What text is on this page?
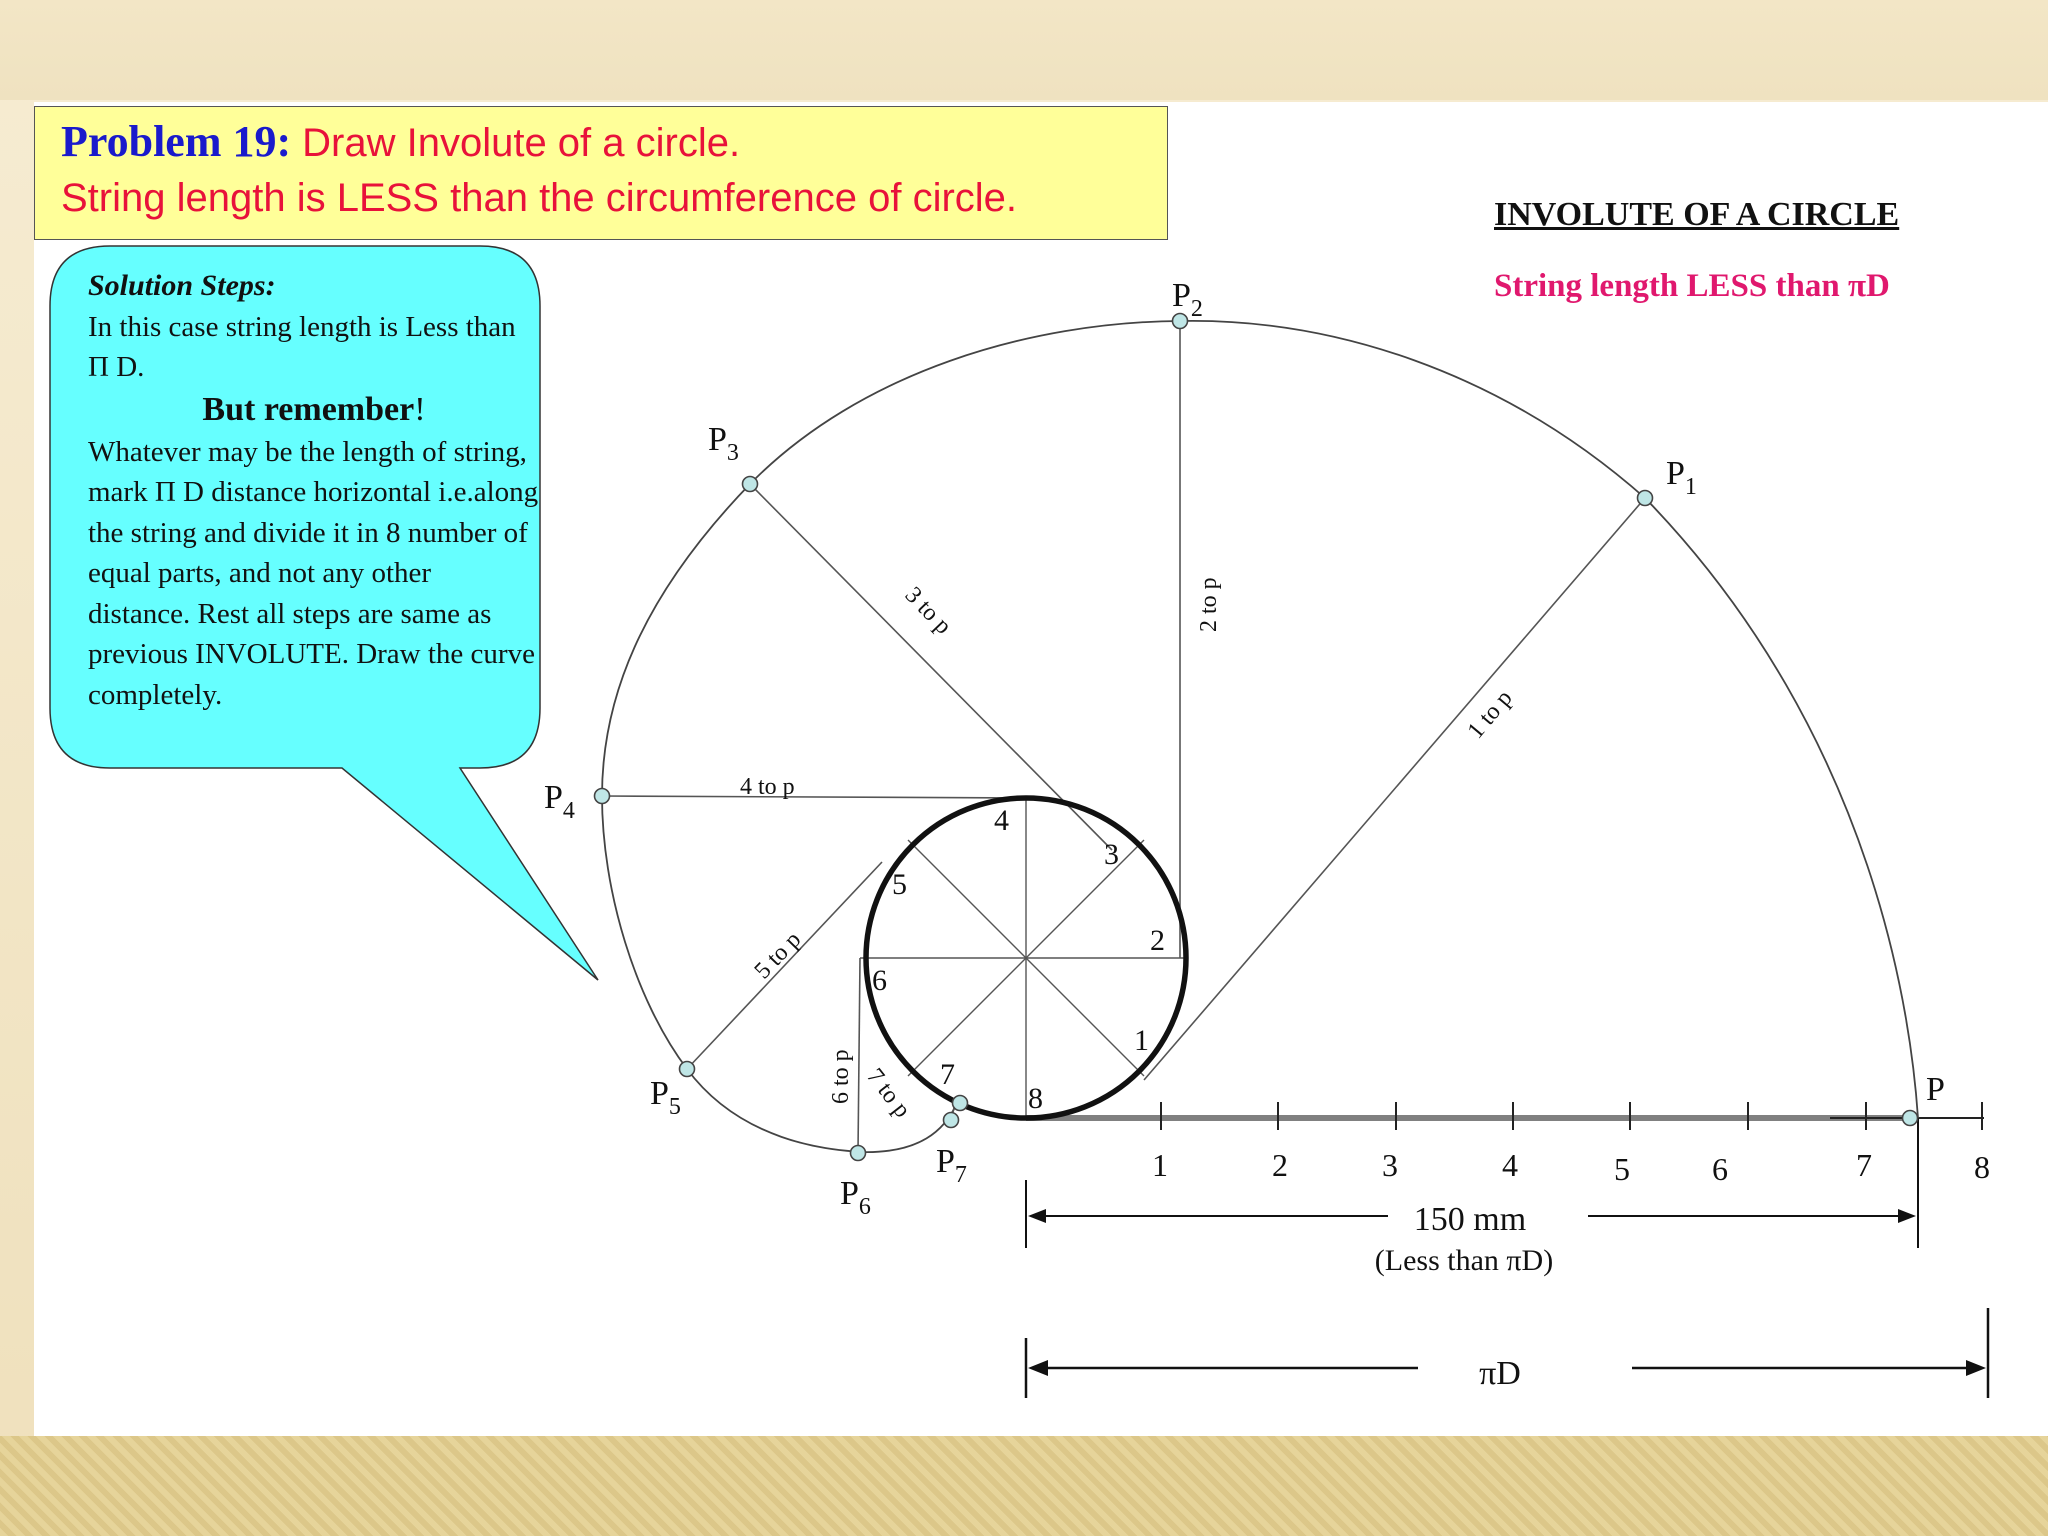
Problem 19: Draw Involute of a circle.
String length is LESS than the circumference of circle.
P
$P_1$
$P_2$
$P_3$
$P_4$
$P_5$
$P_6$
$P_7$
1
2
3
4
5
6
7
8
1	2	3	4	5	6	7	8
1 to p
2 to p
3 to p
4 to p
5 to p
6 to p 7 to p
150 mm
(Less than πD)
πD

Solution Steps:

In this case string length is Less than Π D.

But remember!

Whatever may be the length of string, mark Π D distance horizontal i.e.along the string and divide it in 8 number of equal parts, and not any other distance. Rest all steps are same as previous INVOLUTE. Draw the curve completely.

INVOLUTE OF A CIRCLE
String length LESS than πD
